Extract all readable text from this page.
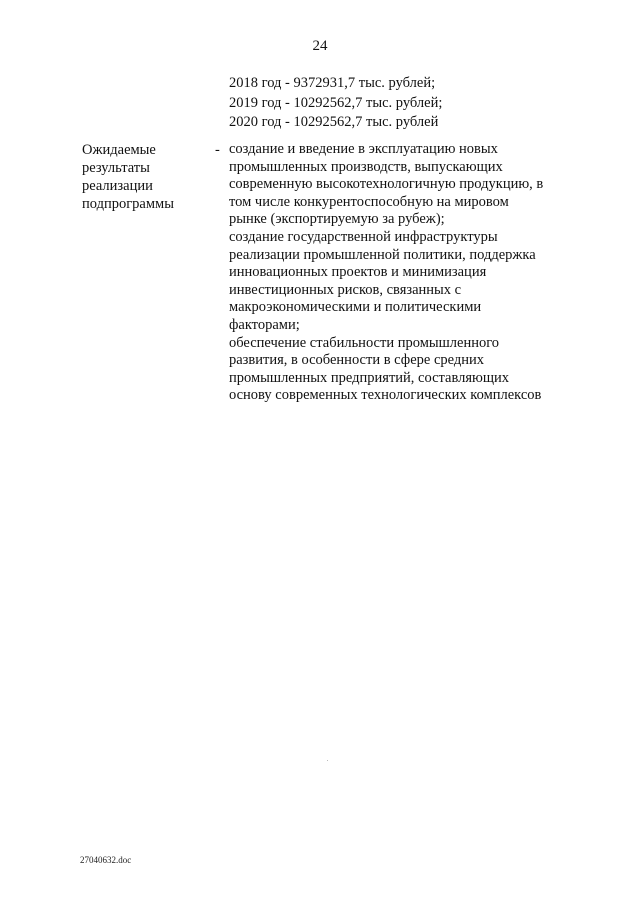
24
2018 год - 9372931,7 тыс. рублей;
2019 год - 10292562,7 тыс. рублей;
2020 год - 10292562,7 тыс. рублей
Ожидаемые
результаты
реализации
подпрограммы
- создание и введение в эксплуатацию новых
промышленных производств, выпускающих
современную высокотехнологичную продукцию, в
том числе конкурентоспособную на мировом
рынке (экспортируемую за рубеж);
создание государственной инфраструктуры
реализации промышленной политики, поддержка
инновационных проектов и минимизация
инвестиционных рисков, связанных с
макроэкономическими и политическими
факторами;
обеспечение стабильности промышленного
развития, в особенности в сфере средних
промышленных предприятий, составляющих
основу современных технологических комплексов
27040632.doc
